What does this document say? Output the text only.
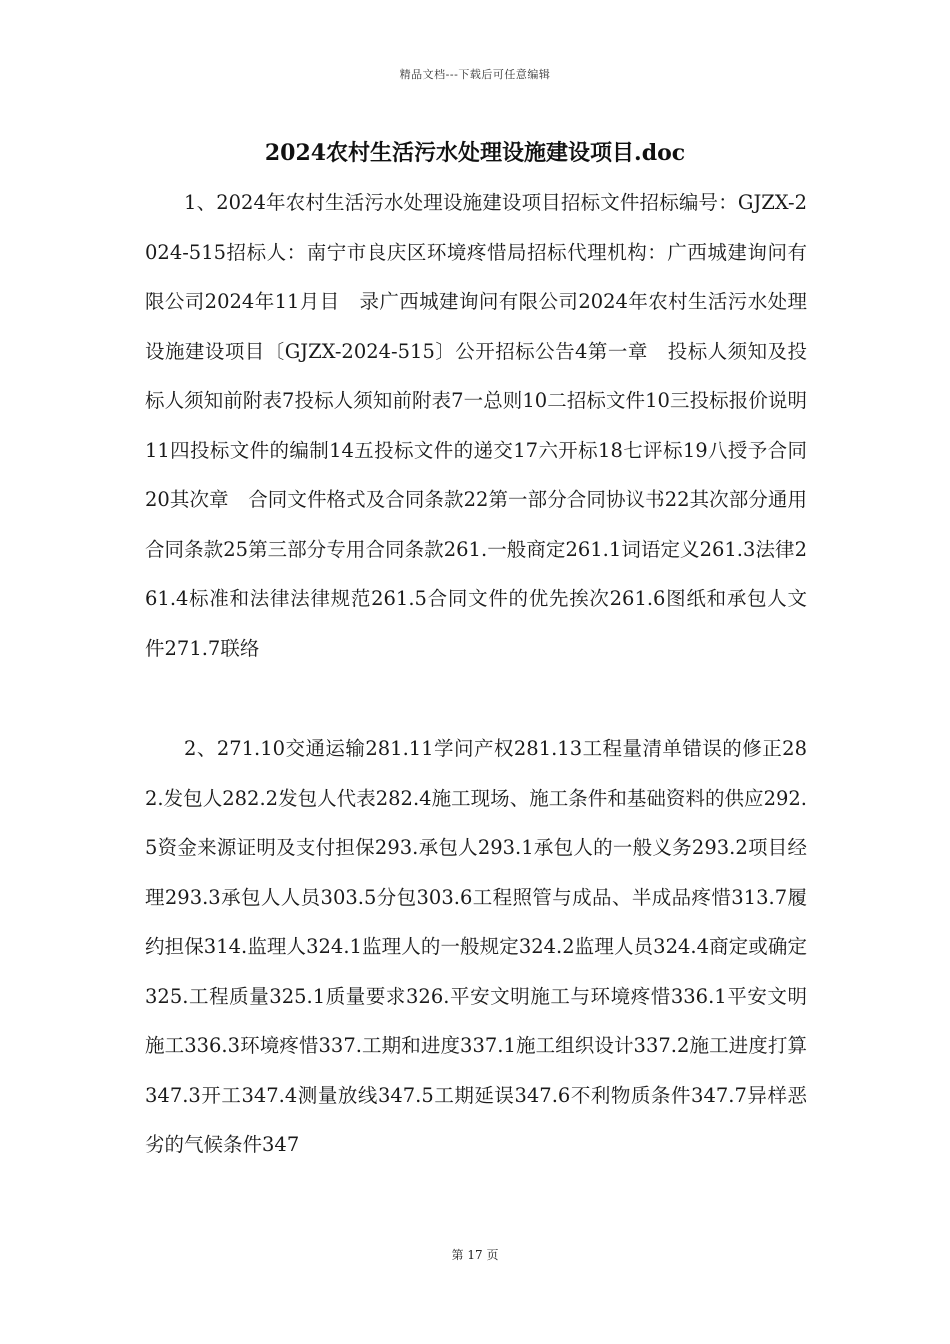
精品文档---下载后可任意编辑
2024农村生活污水处理设施建设项目.doc

1、2024年农村生活污水处理设施建设项目招标文件招标编号：GJZX-2024-515招标人：南宁市良庆区环境疼惜局招标代理机构：广西城建询问有限公司2024年11月目　录广西城建询问有限公司2024年农村生活污水处理设施建设项目〔GJZX-2024-515〕公开招标公告4第一章　投标人须知及投标人须知前附表7投标人须知前附表7一总则10二招标文件10三投标报价说明11四投标文件的编制14五投标文件的递交17六开标18七评标19八授予合同20其次章　合同文件格式及合同条款22第一部分合同协议书22其次部分通用合同条款25第三部分专用合同条款261.一般商定261.1词语定义261.3法律261.4标准和法律法律规范261.5合同文件的优先挨次261.6图纸和承包人文件271.7联络

2、271.10交通运输281.11学问产权281.13工程量清单错误的修正282.发包人282.2发包人代表282.4施工现场、施工条件和基础资料的供应292.5资金来源证明及支付担保293.承包人293.1承包人的一般义务293.2项目经理293.3承包人人员303.5分包303.6工程照管与成品、半成品疼惜313.7履约担保314.监理人324.1监理人的一般规定324.2监理人员324.4商定或确定325.工程质量325.1质量要求326.平安文明施工与环境疼惜336.1平安文明施工336.3环境疼惜337.工期和进度337.1施工组织设计337.2施工进度打算347.3开工347.4测量放线347.5工期延误347.6不利物质条件347.7异样恶劣的气候条件347

第 17 页
